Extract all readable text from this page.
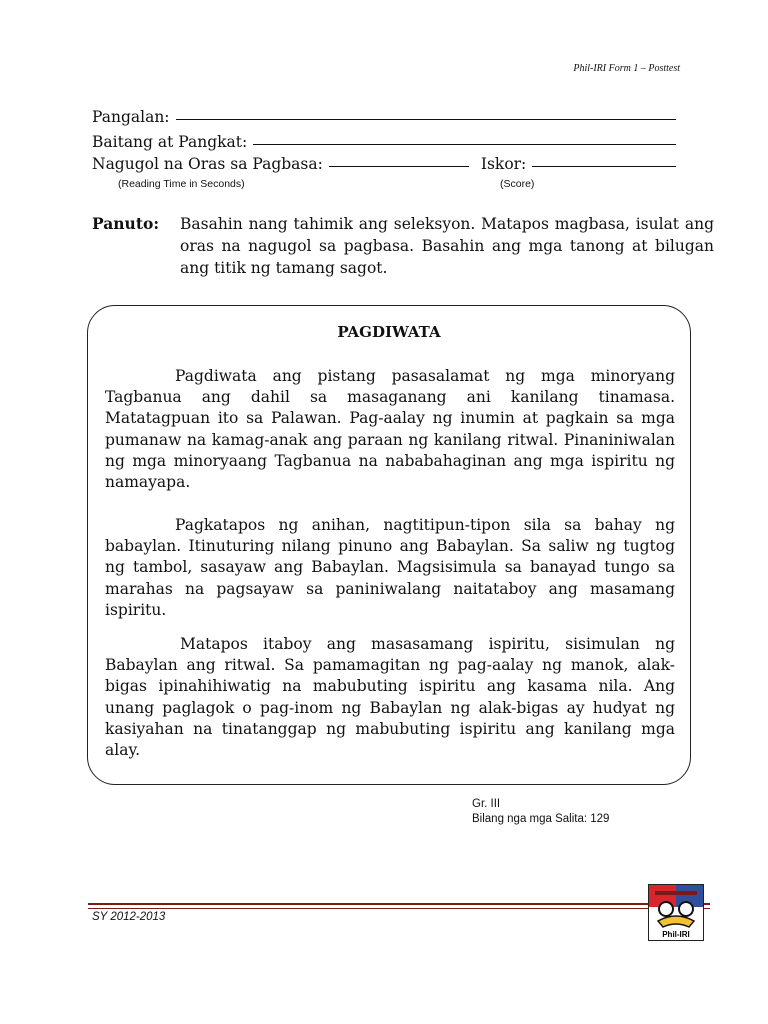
Phil-IRI Form 1 – Posttest
Pangalan:
Baitang at Pangkat:
Nagugol na Oras sa Pagbasa:	Iskor:
(Reading Time in Seconds)	(Score)
Panuto:	Basahin nang tahimik ang seleksyon. Matapos magbasa, isulat ang oras na nagugol sa pagbasa. Basahin ang mga tanong at bilugan ang titik ng tamang sagot.
PAGDIWATA

Pagdiwata ang pistang pasasalamat ng mga minoryang Tagbanua ang dahil sa masaganang ani kanilang tinamasa. Matatagpuan ito sa Palawan. Pag-aalay ng inumin at pagkain sa mga pumanaw na kamag-anak ang paraan ng kanilang ritwal. Pinaniniwalan ng mga minoryaang Tagbanua na nababahaginan ang mga ispiritu ng namayapa.

Pagkatapos ng anihan, nagtitipun-tipon sila sa bahay ng babaylan. Itinuturing nilang pinuno ang Babaylan. Sa saliw ng tugtog ng tambol, sasayaw ang Babaylan. Magsisimula sa banayad tungo sa marahas na pagsayaw sa paniniwalang naitataboy ang masamang ispiritu.

Matapos itaboy ang masasamang ispiritu, sisimulan ng Babaylan ang ritwal. Sa pamamagitan ng pag-aalay ng manok, alak-bigas ipinahihiwatig na mabubuting ispiritu ang kasama nila. Ang unang paglagok o pag-inom ng Babaylan ng alak-bigas ay hudyat ng kasiyahan na tinatanggap ng mabubuting ispiritu ang kanilang mga alay.

Gr. III
Bilang nga mga Salita: 129
SY 2012-2013
Phil-IRI
